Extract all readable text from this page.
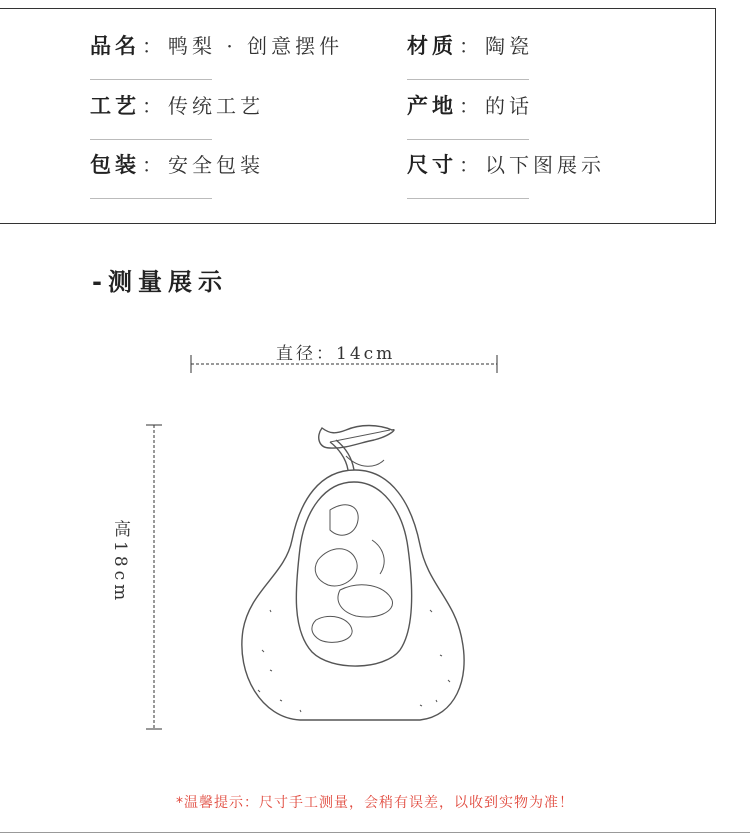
品名 ： 鸭梨 · 创意摆件	材质 ： 陶瓷
工艺 ： 传统工艺	产地 ： 的话
包装 ： 安全包装	尺寸 ： 以下图展示
-测量展示
直径：14cm
高18cm
*温馨提示：尺寸手工测量，会稍有误差，以收到实物为准！
